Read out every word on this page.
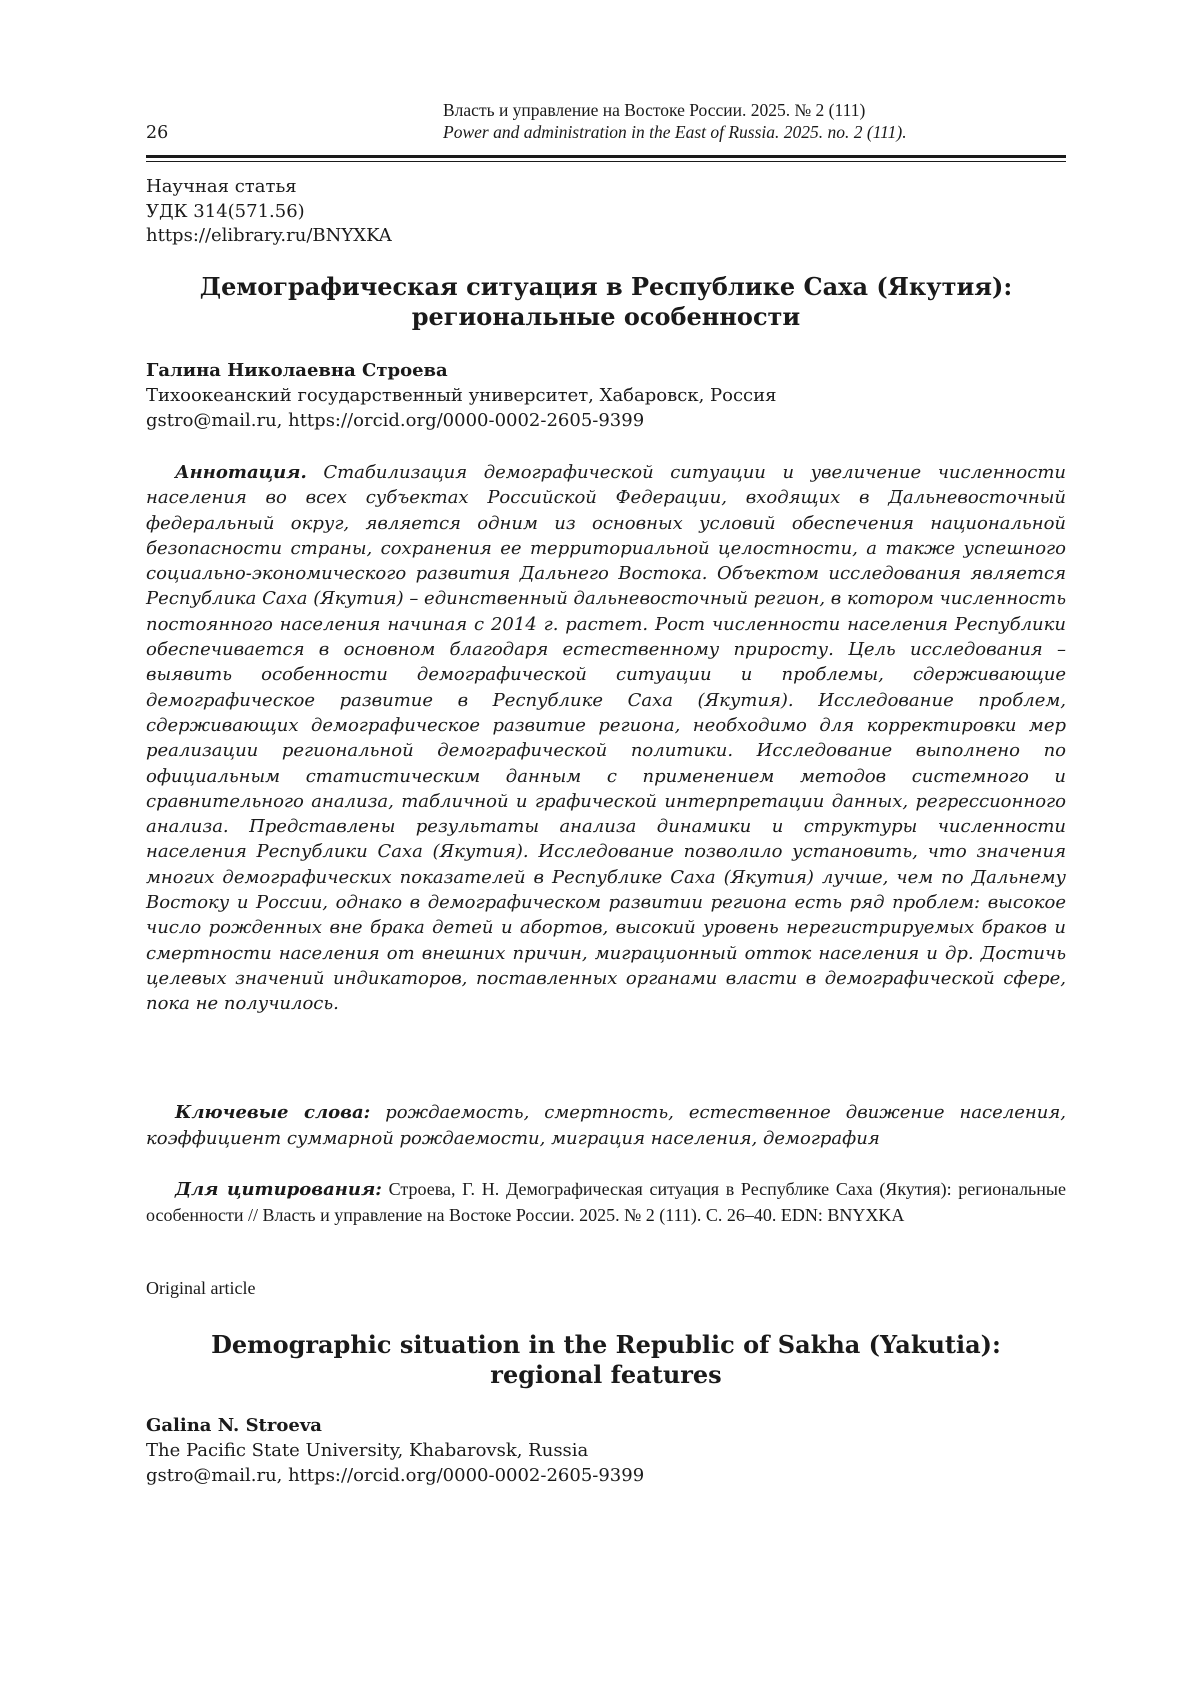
Власть и управление на Востоке России. 2025. № 2 (111)
Power and administration in the East of Russia. 2025. no. 2 (111).
26
Научная статья
УДК 314(571.56)
https://elibrary.ru/BNYXKA
Демографическая ситуация в Республике Саха (Якутия):
региональные особенности
Галина Николаевна Строева
Тихоокеанский государственный университет, Хабаровск, Россия
gstro@mail.ru, https://orcid.org/0000-0002-2605-9399

Аннотация. Стабилизация демографической ситуации и увеличение численности населения во всех субъектах Российской Федерации, входящих в Дальневосточный федеральный округ, является одним из основных условий обеспечения национальной безопасности страны, сохранения ее территориальной целостности, а также успешного социально-экономического развития Дальнего Востока. Объектом исследования является Республика Саха (Якутия) – единственный дальневосточный регион, в котором численность постоянного населения начиная с 2014 г. растет. Рост численности населения Республики обеспечивается в основном благодаря естественному приросту. Цель исследования – выявить особенности демографической ситуации и проблемы, сдерживающие демографическое развитие в Республике Саха (Якутия). Исследование проблем, сдерживающих демографическое развитие региона, необходимо для корректировки мер реализации региональной демографической политики. Исследование выполнено по официальным статистическим данным с применением методов системного и сравнительного анализа, табличной и графической интерпретации данных, регрессионного анализа. Представлены результаты анализа динамики и структуры численности населения Республики Саха (Якутия). Исследование позволило установить, что значения многих демографических показателей в Республике Саха (Якутия) лучше, чем по Дальнему Востоку и России, однако в демографическом развитии региона есть ряд проблем: высокое число рожденных вне брака детей и абортов, высокий уровень нерегистрируемых браков и смертности населения от внешних причин, миграционный отток населения и др. Достичь целевых значений индикаторов, поставленных органами власти в демографической сфере, пока не получилось.

Ключевые слова: рождаемость, смертность, естественное движение населения, коэффициент суммарной рождаемости, миграция населения, демография

Для цитирования: Строева, Г. Н. Демографическая ситуация в Республике Саха (Якутия): региональные особенности // Власть и управление на Востоке России. 2025. № 2 (111). С. 26–40. EDN: BNYXKA

Original article
Demographic situation in the Republic of Sakha (Yakutia):
regional features
Galina N. Stroeva
The Pacific State University, Khabarovsk, Russia
gstro@mail.ru, https://orcid.org/0000-0002-2605-9399
